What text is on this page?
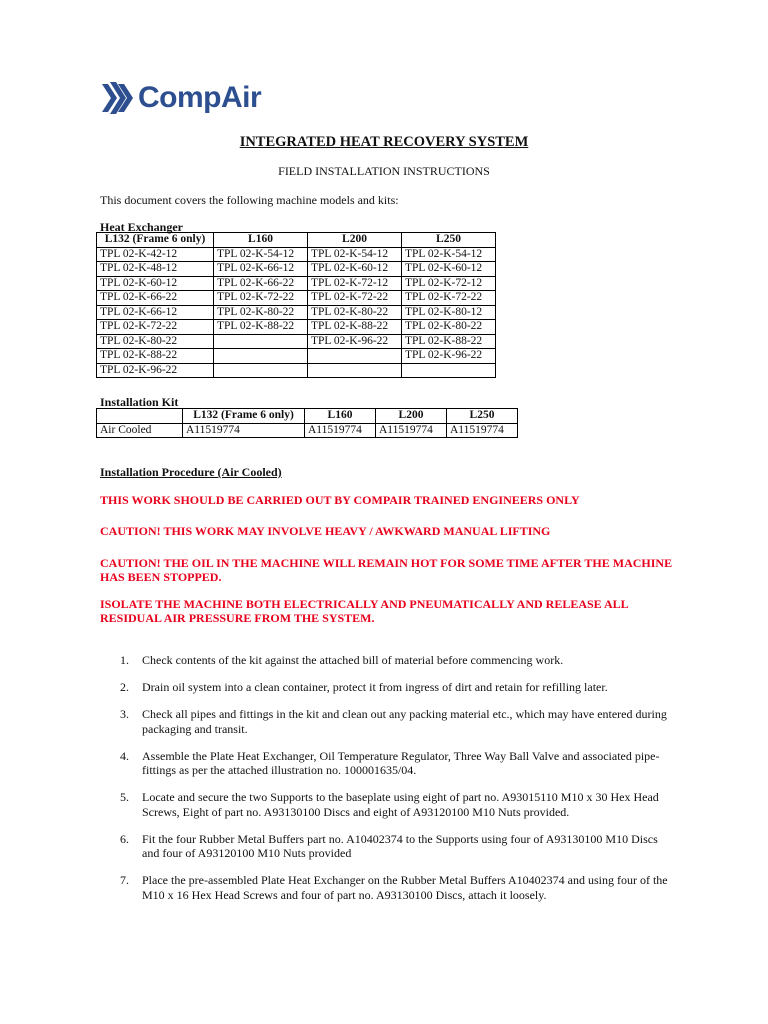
CompAir
INTEGRATED HEAT RECOVERY SYSTEM
FIELD INSTALLATION INSTRUCTIONS
This document covers the following machine models and kits:
Heat Exchanger
L132 (Frame 6 only)	L160	L200	L250
TPL 02-K-42-12	TPL 02-K-54-12	TPL 02-K-54-12	TPL 02-K-54-12
TPL 02-K-48-12	TPL 02-K-66-12	TPL 02-K-60-12	TPL 02-K-60-12
TPL 02-K-60-12	TPL 02-K-66-22	TPL 02-K-72-12	TPL 02-K-72-12
TPL 02-K-66-22	TPL 02-K-72-22	TPL 02-K-72-22	TPL 02-K-72-22
TPL 02-K-66-12	TPL 02-K-80-22	TPL 02-K-80-22	TPL 02-K-80-12
TPL 02-K-72-22	TPL 02-K-88-22	TPL 02-K-88-22	TPL 02-K-80-22
TPL 02-K-80-22		TPL 02-K-96-22	TPL 02-K-88-22
TPL 02-K-88-22			TPL 02-K-96-22
TPL 02-K-96-22			
Installation Kit
	L132 (Frame 6 only)	L160	L200	L250
Air Cooled	A11519774	A11519774	A11519774	A11519774
Installation Procedure (Air Cooled)
THIS WORK SHOULD BE CARRIED OUT BY COMPAIR TRAINED ENGINEERS ONLY
CAUTION! THIS WORK MAY INVOLVE HEAVY / AWKWARD MANUAL LIFTING
CAUTION! THE OIL IN THE MACHINE WILL REMAIN HOT FOR SOME TIME AFTER THE MACHINE HAS BEEN STOPPED.
ISOLATE THE MACHINE BOTH ELECTRICALLY AND PNEUMATICALLY AND RELEASE ALL RESIDUAL AIR PRESSURE FROM THE SYSTEM.
1.	Check contents of the kit against the attached bill of material before commencing work.
2.	Drain oil system into a clean container, protect it from ingress of dirt and retain for refilling later.
3.	Check all pipes and fittings in the kit and clean out any packing material etc., which may have entered during packaging and transit.
4.	Assemble the Plate Heat Exchanger, Oil Temperature Regulator, Three Way Ball Valve and associated pipe-fittings as per the attached illustration no. 100001635/04.
5.	Locate and secure the two Supports to the baseplate using eight of part no. A93015110 M10 x 30 Hex Head Screws, Eight of part no. A93130100 Discs and eight of A93120100 M10 Nuts provided.
6.	Fit the four Rubber Metal Buffers part no. A10402374 to the Supports using four of A93130100 M10 Discs and four of A93120100 M10 Nuts provided
7.	Place the pre-assembled Plate Heat Exchanger on the Rubber Metal Buffers A10402374 and using four of the M10 x 16 Hex Head Screws and four of part no. A93130100 Discs, attach it loosely.
